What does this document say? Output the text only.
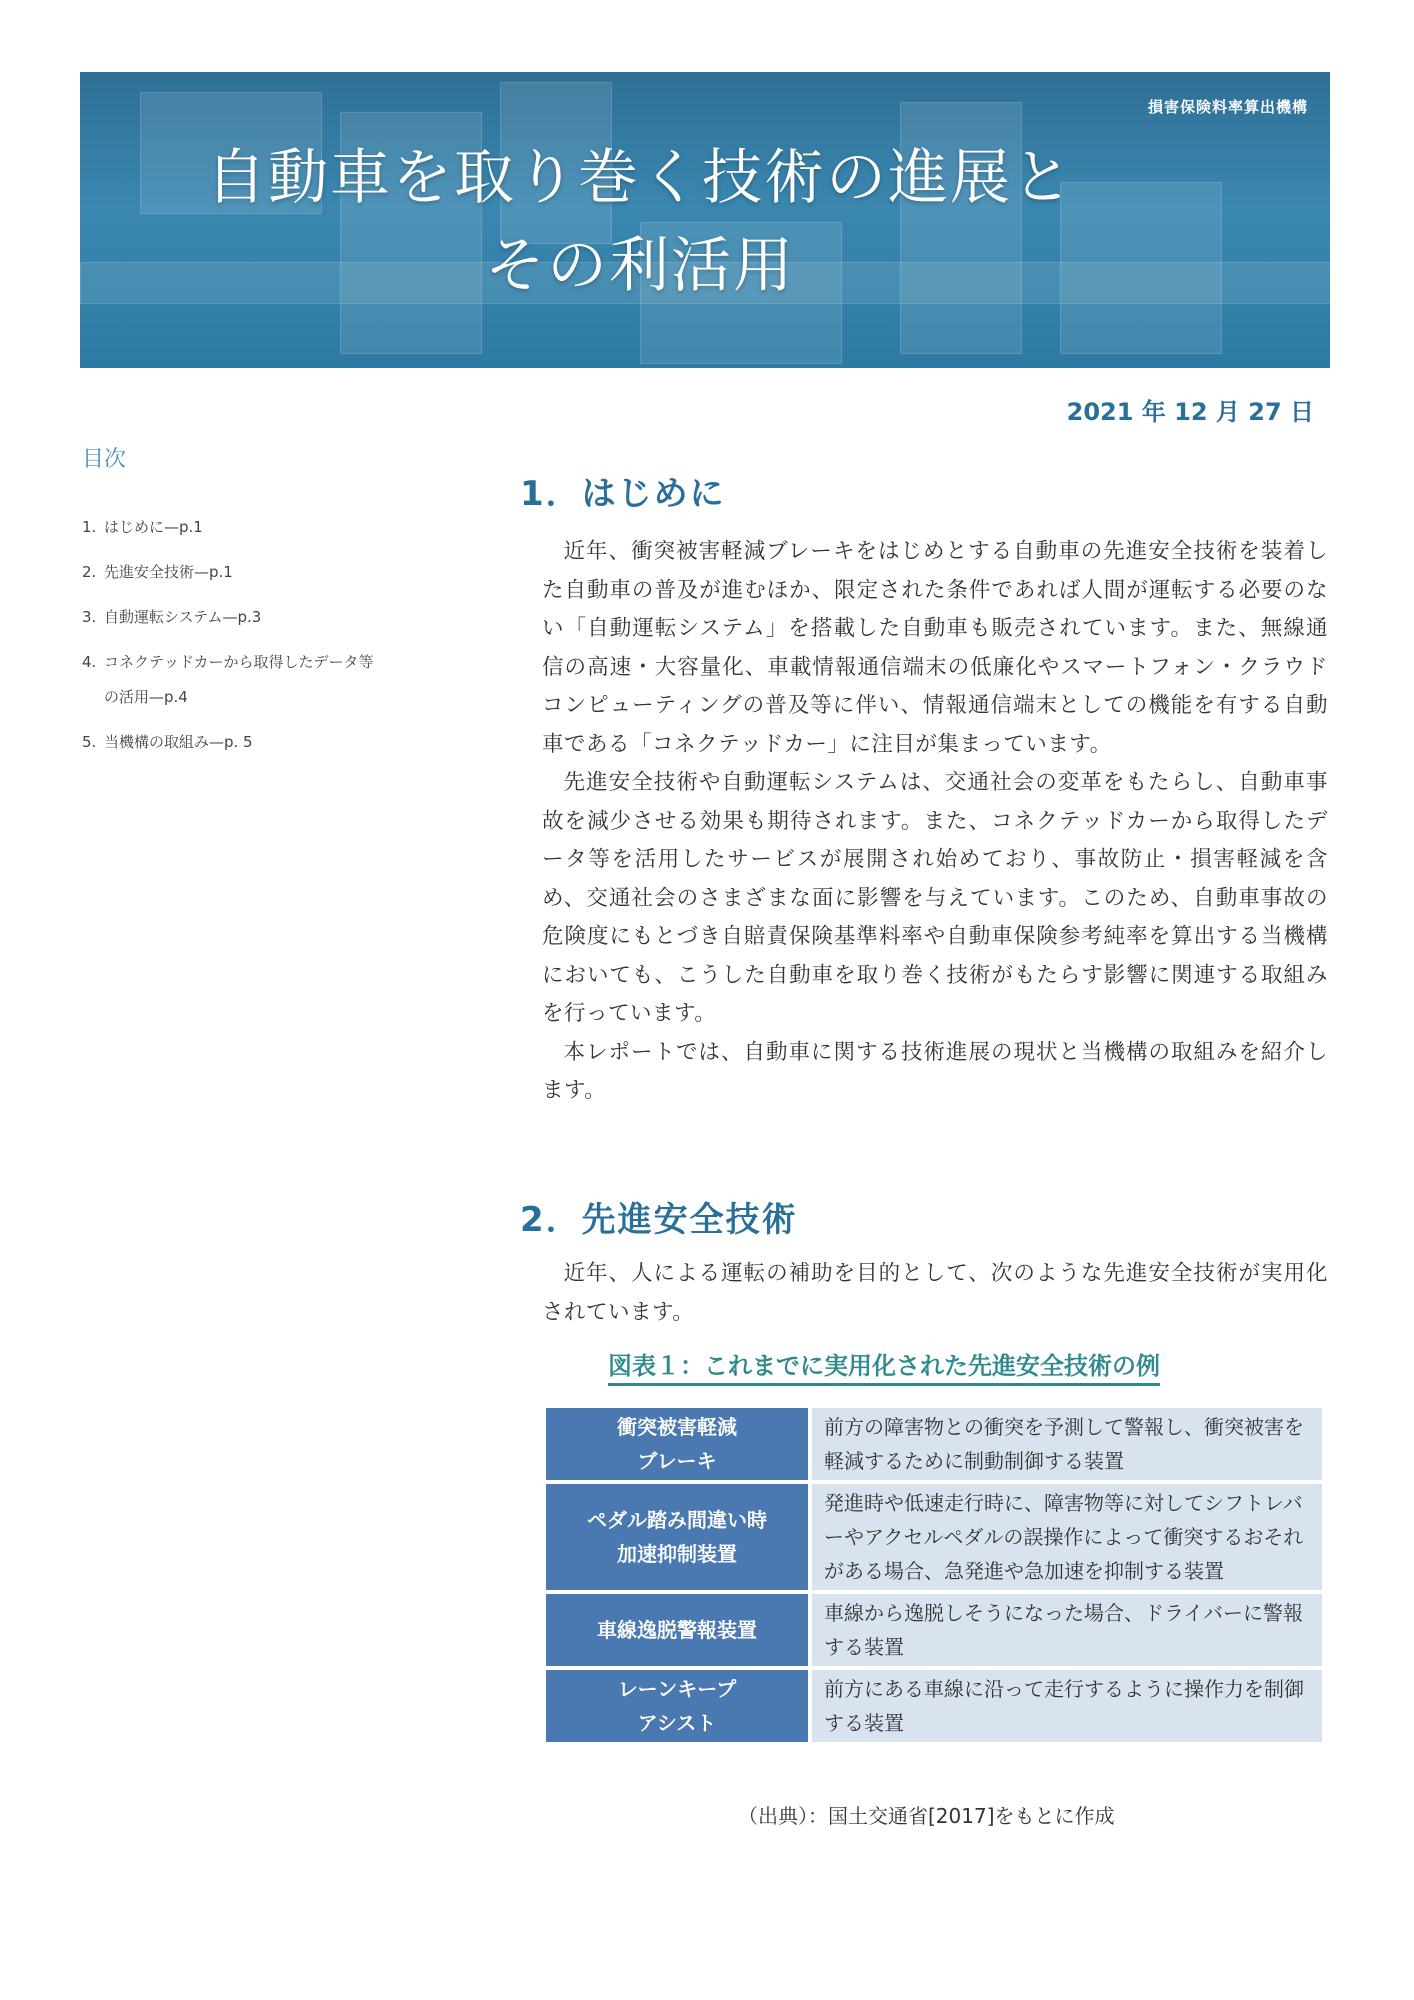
損害保険料率算出機構
自動車を取り巻く技術の進展と
その利活用
2021 年 12 月 27 日
目次
1. はじめに—p.1
2. 先進安全技術—p.1
3. 自動運転システム—p.3
4. コネクテッドカーから取得したデータ等
の活用—p.4
5. 当機構の取組み—p. 5
1．はじめに

近年、衝突被害軽減ブレーキをはじめとする自動車の先進安全技術を装着した自動車の普及が進むほか、限定された条件であれば人間が運転する必要のない「自動運転システム」を搭載した自動車も販売されています。また、無線通信の高速・大容量化、車載情報通信端末の低廉化やスマートフォン・クラウドコンピューティングの普及等に伴い、情報通信端末としての機能を有する自動車である「コネクテッドカー」に注目が集まっています。

先進安全技術や自動運転システムは、交通社会の変革をもたらし、自動車事故を減少させる効果も期待されます。また、コネクテッドカーから取得したデータ等を活用したサービスが展開され始めており、事故防止・損害軽減を含め、交通社会のさまざまな面に影響を与えています。このため、自動車事故の危険度にもとづき自賠責保険基準料率や自動車保険参考純率を算出する当機構においても、こうした自動車を取り巻く技術がもたらす影響に関連する取組みを行っています。

本レポートでは、自動車に関する技術進展の現状と当機構の取組みを紹介します。

2．先進安全技術

近年、人による運転の補助を目的として、次のような先進安全技術が実用化されています。

図表１：これまでに実用化された先進安全技術の例
衝突被害軽減
ブレーキ	前方の障害物との衝突を予測して警報し、衝突被害を軽減するために制動制御する装置

ペダル踏み間違い時
加速抑制装置	発進時や低速走行時に、障害物等に対してシフトレバーやアクセルペダルの誤操作によって衝突するおそれがある場合、急発進や急加速を抑制する装置

車線逸脱警報装置	車線から逸脱しそうになった場合、ドライバーに警報する装置

レーンキープ
アシスト	前方にある車線に沿って走行するように操作力を制御する装置
（出典）：国土交通省[2017]をもとに作成
